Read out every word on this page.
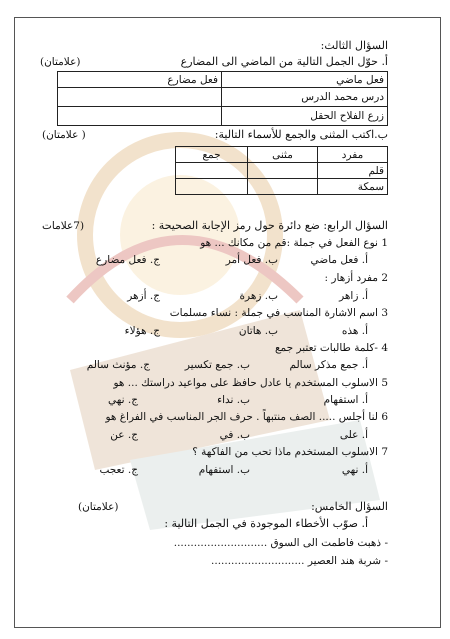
السؤال الثالث:
أ. حوّل الجمل التالية من الماضي الى المضارع
(علامتان)
فعل ماضي	فعل مضارع
درس محمد الدرس	
زرع الفلاح الحقل	
ب.اكتب المثنى والجمع للأسماء التالية:
( علامتان)
مفرد	مثنى	جمع
قلم		
سمكة		
السؤال الرابع: ضع دائرة حول رمز الإجابة الصحيحة :
(7علامات
1 نوع الفعل في جملة :قم من مكانك ... هو
أ. فعل ماضي
ب. فعل أمر
ج. فعل مضارع
2 مفرد أزهار :
أ. زاهر
ب. زهرة
ج. أزهر
3 اسم الاشارة المناسب في جملة : نساء مسلمات
أ. هذه
ب. هاتان
ج. هؤلاء
4 -كلمة طالبات تعتبر جمع
أ. جمع مذكر سالم
ب. جمع تكسير
ج. مؤنث سالم
5 الاسلوب المستخدم يا عادل حافظ على مواعيد دراستك ... هو
أ. استفهام
ب. نداء
ج. نهي
6 لنا أجلس ..... الصف منتبهاً . حرف الجر المناسب في الفراغ هو
أ. على
ب. في
ج. عن
7 الاسلوب المستخدم ماذا تحب من الفاكهة ؟
أ. نهي
ب. استفهام
ج. تعجب
السؤال الخامس:
(علامتان)
أ. صوّب الأخطاء الموجودة في الجمل التالية :
- ذهبت فاطمت الى السوق ............................
- شربة هند العصير ............................
